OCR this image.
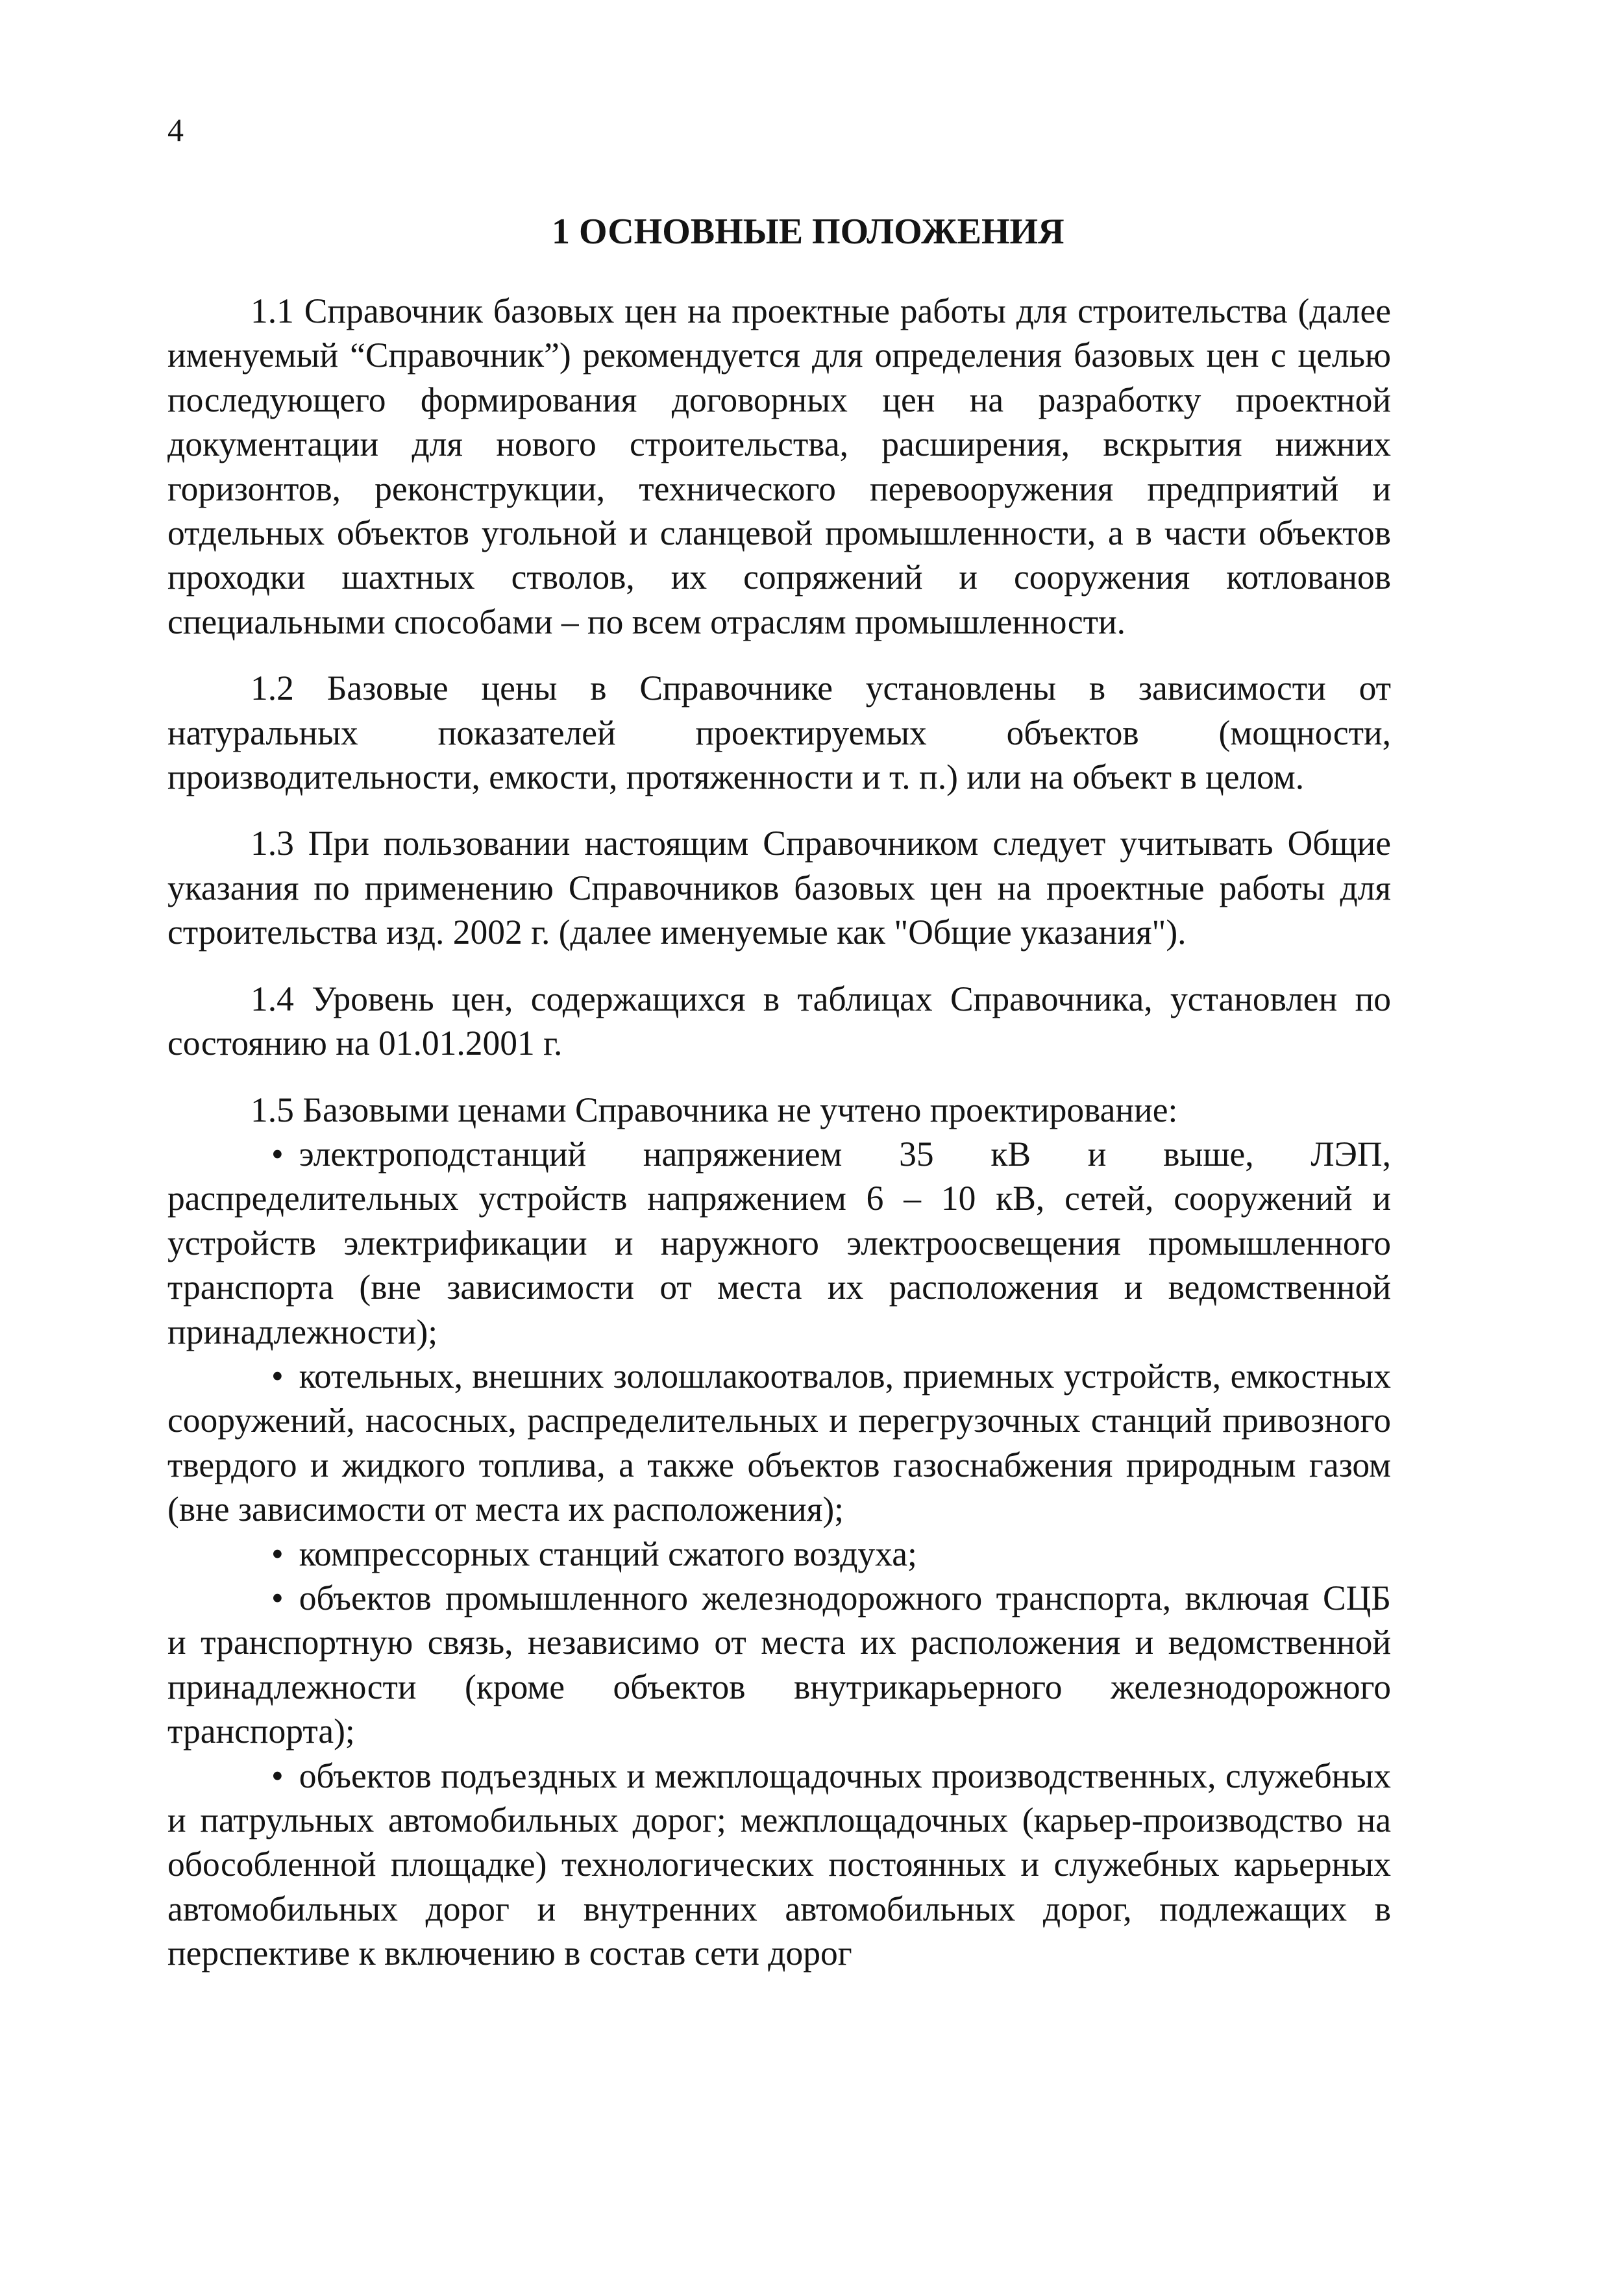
4
1 ОСНОВНЫЕ ПОЛОЖЕНИЯ

1.1 Справочник базовых цен на проектные работы для строительства (далее именуемый “Справочник”) рекомендуется для определения базовых цен с целью последующего формирования договорных цен на разработку проектной документации для нового строительства, расширения, вскрытия нижних горизонтов, реконструкции, технического перевооружения предприятий и отдельных объектов угольной и сланцевой промышленности, а в части объектов проходки шахтных стволов, их сопряжений и сооружения котлованов специальными способами – по всем отраслям промышленности.

1.2 Базовые цены в Справочнике установлены в зависимости от натуральных показателей проектируемых объектов (мощности, производительности, емкости, протяженности и т. п.) или на объект в целом.

1.3 При пользовании настоящим Справочником следует учитывать Общие указания по применению Справочников базовых цен на проектные работы для строительства изд. 2002 г. (далее именуемые как "Общие указания").

1.4 Уровень цен, содержащихся в таблицах Справочника, установлен по состоянию на 01.01.2001 г.

1.5 Базовыми ценами Справочника не учтено проектирование:

• электроподстанций напряжением 35 кВ и выше, ЛЭП, распределительных устройств напряжением 6 – 10 кВ, сетей, сооружений и устройств электрификации и наружного электроосвещения промышленного транспорта (вне зависимости от места их расположения и ведомственной принадлежности);
• котельных, внешних золошлакоотвалов, приемных устройств, емкостных сооружений, насосных, распределительных и перегрузочных станций привозного твердого и жидкого топлива, а также объектов газоснабжения природным газом (вне зависимости от места их расположения);
• компрессорных станций сжатого воздуха;
• объектов промышленного железнодорожного транспорта, включая СЦБ и транспортную связь, независимо от места их расположения и ведомственной принадлежности (кроме объектов внутрикарьерного железнодорожного транспорта);
• объектов подъездных и межплощадочных производственных, служебных и патрульных автомобильных дорог; межплощадочных (карьер-производство на обособленной площадке) технологических постоянных и служебных карьерных автомобильных дорог и внутренних автомобильных дорог, подлежащих в перспективе к включению в состав сети дорог
